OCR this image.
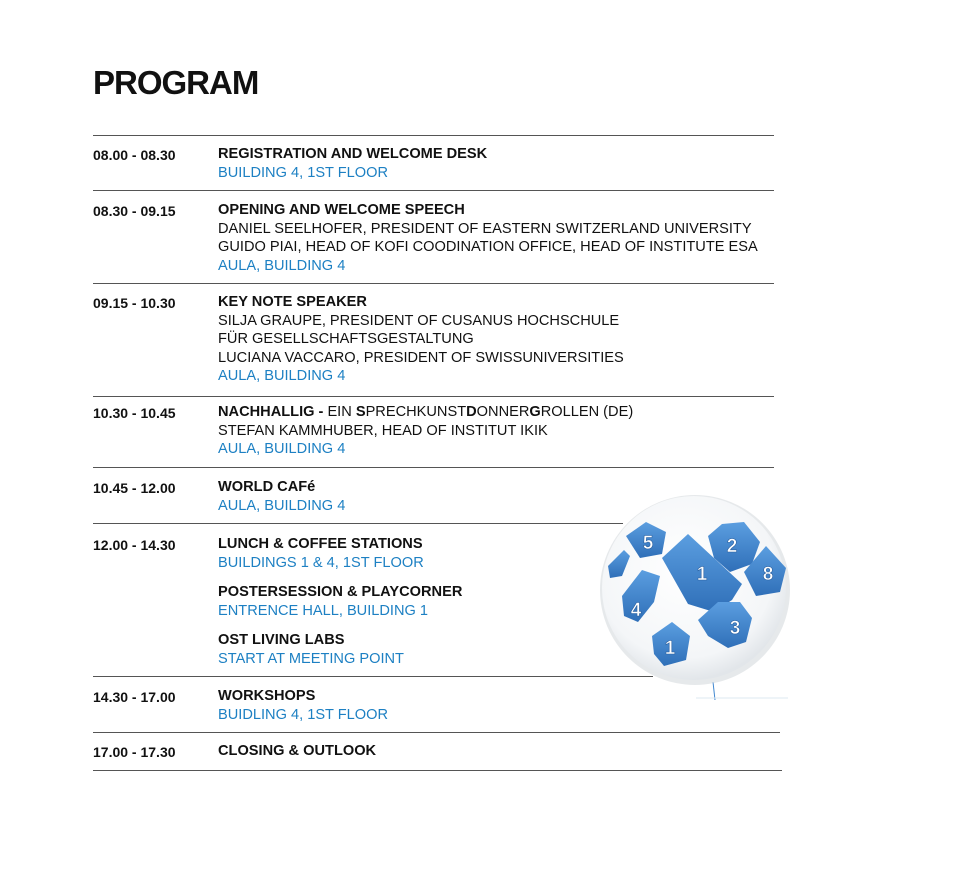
PROGRAM
08.00 - 08.30	REGISTRATION AND WELCOME DESK
BUILDING 4, 1ST FLOOR
08.30 - 09.15	OPENING AND WELCOME SPEECH
DANIEL SEELHOFER, PRESIDENT OF EASTERN SWITZERLAND UNIVERSITY
GUIDO PIAI, HEAD OF KOFI COODINATION OFFICE, HEAD OF INSTITUTE ESA
AULA, BUILDING 4
09.15 - 10.30	KEY NOTE SPEAKER
SILJA GRAUPE, PRESIDENT OF CUSANUS HOCHSCHULE
FÜR GESELLSCHAFTSGESTALTUNG
LUCIANA VACCARO, PRESIDENT OF SWISSUNIVERSITIES
AULA, BUILDING 4
10.30 - 10.45	NACHHALLIG - EIN SPRECHKUNSTDONNERGROLLEN (DE)
STEFAN KAMMHUBER, HEAD OF INSTITUT IKIK
AULA, BUILDING 4
10.45 - 12.00	WORLD CAFé
AULA, BUILDING 4
12.00 - 14.30	LUNCH & COFFEE STATIONS
BUILDINGS 1 & 4, 1ST FLOOR
POSTERSESSION & PLAYCORNER
ENTRENCE HALL, BUILDING 1
OST LIVING LABS
START AT MEETING POINT
14.30 - 17.00	WORKSHOPS
BUIDLING 4, 1ST FLOOR
17.00 - 17.30	CLOSING & OUTLOOK
5	2
1	8
4
3
1
